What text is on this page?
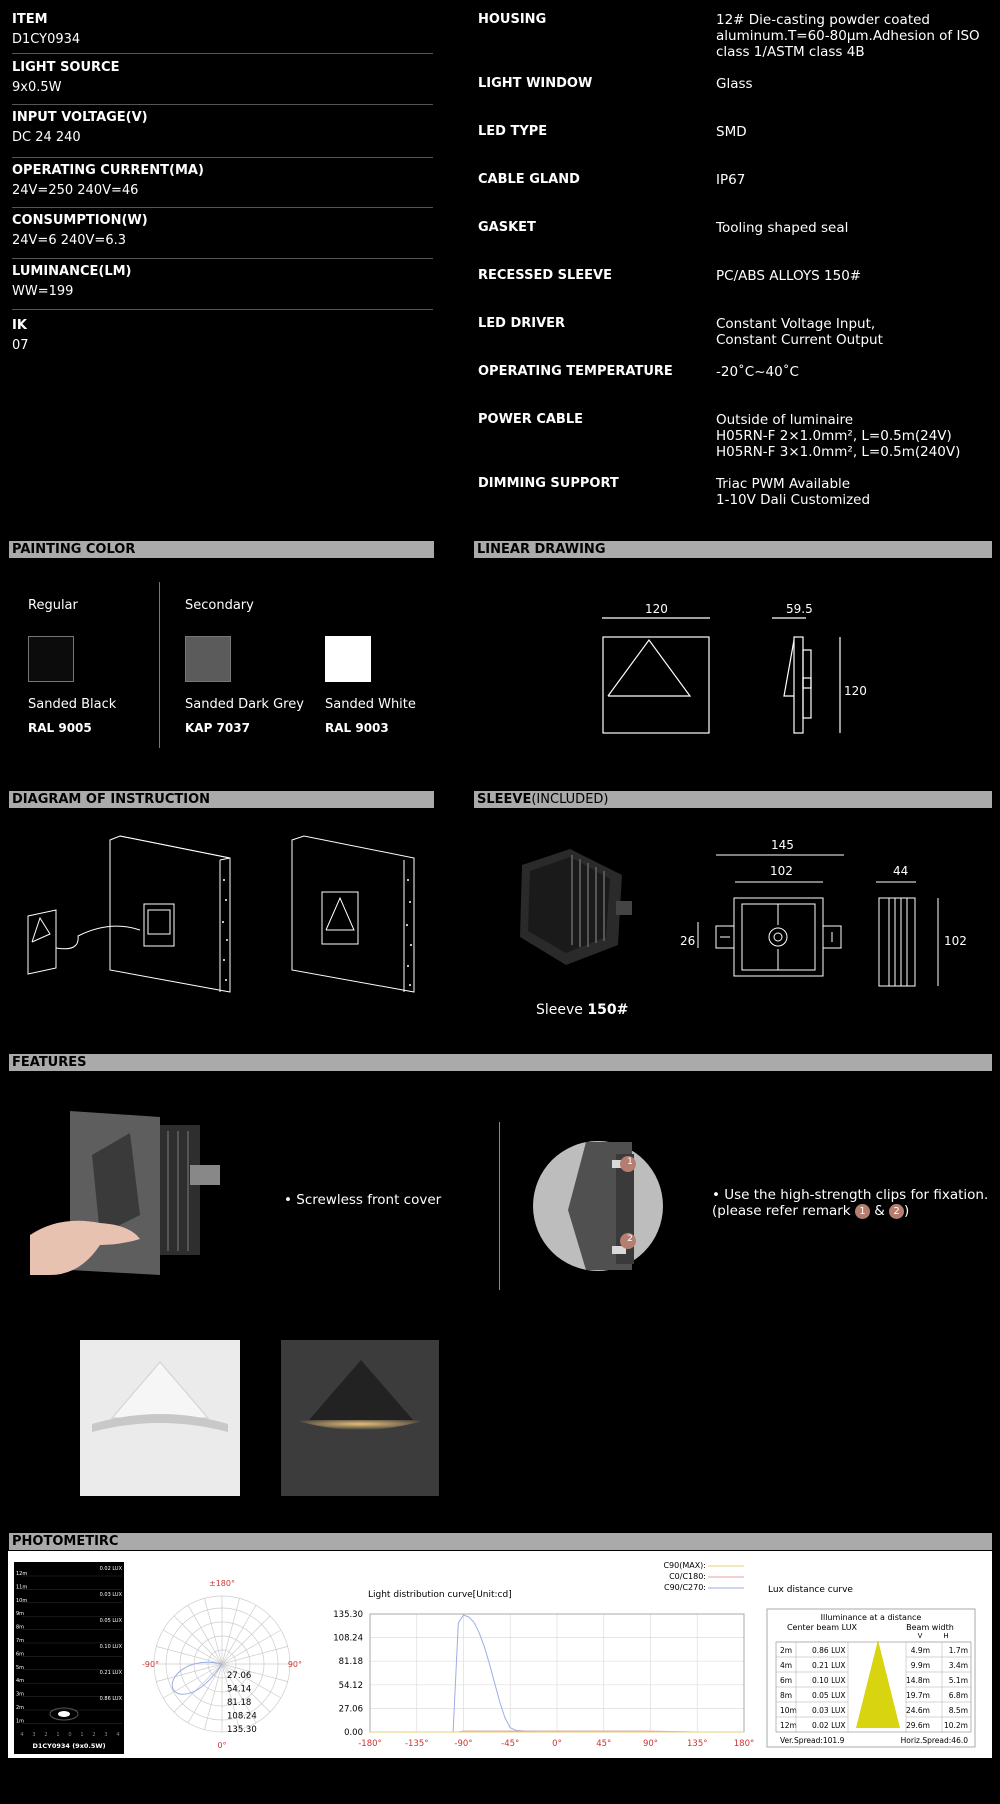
ITEM
D1CY0934
LIGHT SOURCE
9x0.5W
INPUT VOLTAGE(V)
DC 24 240
OPERATING CURRENT(MA)
24V=250 240V=46
CONSUMPTION(W)
24V=6 240V=6.3
LUMINANCE(LM)
WW=199
IK
07
HOUSING	12# Die-casting powder coated aluminum.T=60-80μm.Adhesion of ISO class 1/ASTM class 4B
LIGHT WINDOW	Glass
LED TYPE	SMD
CABLE GLAND	IP67
GASKET	Tooling shaped seal
RECESSED SLEEVE	PC/ABS ALLOYS 150#
LED DRIVER	Constant Voltage Input,
Constant Current Output
OPERATING TEMPERATURE	-20˚C~40˚C
POWER CABLE	Outside of luminaire
H05RN-F 2×1.0mm², L=0.5m(24V)
H05RN-F 3×1.0mm², L=0.5m(240V)
DIMMING SUPPORT	Triac PWM Available
1-10V Dali Customized
PAINTING COLOR	LINEAR DRAWING
DIAGRAM OF INSTRUCTION	SLEEVE(INCLUDED)
FEATURES
PHOTOMETIRC
Regular	Secondary
Sanded Black	Sanded Dark Grey Sanded White
RAL 9005	KAP 7037	RAL 9003
120	59.5
120
Sleeve 150#
145
102
26
44
102
• Screwless front cover
1
2
• Use the high-strength clips for fixation.
(please refer remark 1 & 2 )
12m
11m
10m
9m
8m
7m
6m
5m
4m
3m
2m
1m
0.02 LUX
0.03 LUX
0.05 LUX
0.10 LUX
0.21 LUX
0.86 LUX
4 3 2 1 0 1 2 3 4
D1CY0934 (9x0.5W)
±180°
-90°	90°
0°
27.06
54.14
81.18
108.24
135.30
135.30
108.24
81.18
54.12
27.06
0.00
-180°	-135°	-90°	-45°	0°	45°	90°	135°	180°
Light distribution curve[Unit:cd]
C90(MAX):
C0/C180:
C90/C270:	Lux distance curve
Illuminance at a distance
Center beam LUX	Beam width
V	H
2m	0.86 LUX	4.9m	1.7m
4m	0.21 LUX	9.9m	3.4m
6m	0.10 LUX	14.8m	5.1m
8m	0.05 LUX	19.7m	6.8m
10m 0.03 LUX	24.6m	8.5m
12m 0.02 LUX	29.6m 10.2m
Ver.Spread:101.9	Horiz.Spread:46.0
